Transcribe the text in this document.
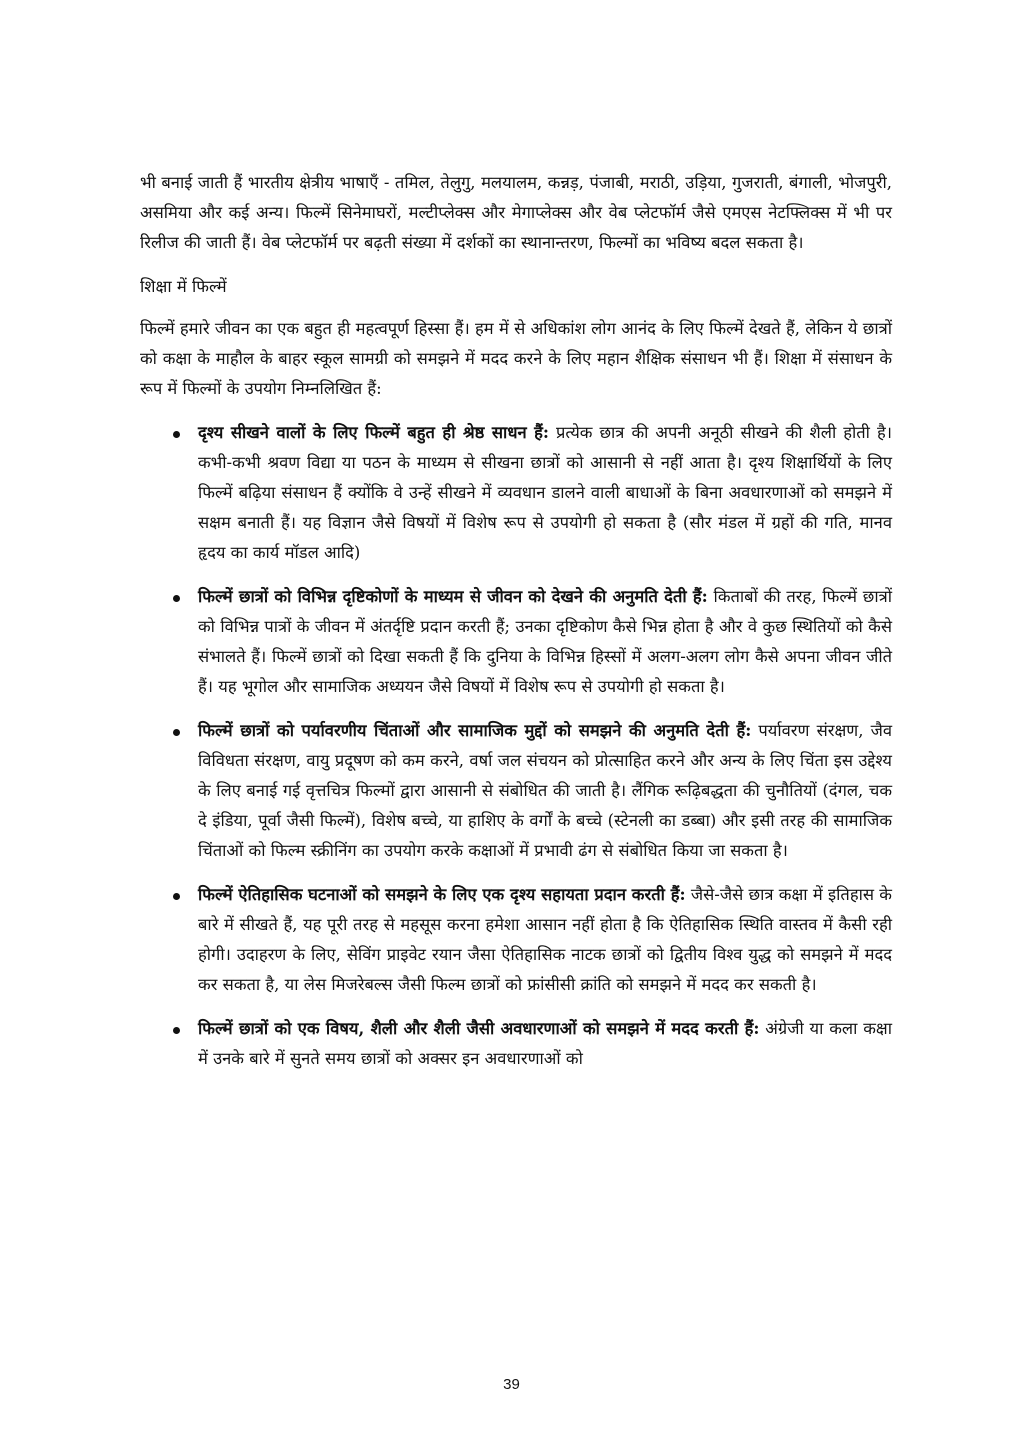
भी बनाई जाती हैं भारतीय क्षेत्रीय भाषाएँ - तमिल, तेलुगु, मलयालम, कन्नड़, पंजाबी, मराठी, उड़िया, गुजराती, बंगाली, भोजपुरी, असमिया और कई अन्य। फिल्में सिनेमाघरों, मल्टीप्लेक्स और मेगाप्लेक्स और वेब प्लेटफॉर्म जैसे एमएस नेटफ्लिक्स में भी पर रिलीज की जाती हैं। वेब प्लेटफॉर्म पर बढ़ती संख्या में दर्शकों का स्थानान्तरण, फिल्मों का भविष्य बदल सकता है।

शिक्षा में फिल्में

फिल्में हमारे जीवन का एक बहुत ही महत्वपूर्ण हिस्सा हैं। हम में से अधिकांश लोग आनंद के लिए फिल्में देखते हैं, लेकिन ये छात्रों को कक्षा के माहौल के बाहर स्कूल सामग्री को समझने में मदद करने के लिए महान शैक्षिक संसाधन भी हैं। शिक्षा में संसाधन के रूप में फिल्मों के उपयोग निम्नलिखित हैं:

दृश्य सीखने वालों के लिए फिल्में बहुत ही श्रेष्ठ साधन हैं: प्रत्येक छात्र की अपनी अनूठी सीखने की शैली होती है। कभी-कभी श्रवण विद्या या पठन के माध्यम से सीखना छात्रों को आसानी से नहीं आता है। दृश्य शिक्षार्थियों के लिए फिल्में बढ़िया संसाधन हैं क्योंकि वे उन्हें सीखने में व्यवधान डालने वाली बाधाओं के बिना अवधारणाओं को समझने में सक्षम बनाती हैं। यह विज्ञान जैसे विषयों में विशेष रूप से उपयोगी हो सकता है (सौर मंडल में ग्रहों की गति, मानव हृदय का कार्य मॉडल आदि)
फिल्में छात्रों को विभिन्न दृष्टिकोणों के माध्यम से जीवन को देखने की अनुमति देती हैं: किताबों की तरह, फिल्में छात्रों को विभिन्न पात्रों के जीवन में अंतर्दृष्टि प्रदान करती हैं; उनका दृष्टिकोण कैसे भिन्न होता है और वे कुछ स्थितियों को कैसे संभालते हैं। फिल्में छात्रों को दिखा सकती हैं कि दुनिया के विभिन्न हिस्सों में अलग-अलग लोग कैसे अपना जीवन जीते हैं। यह भूगोल और सामाजिक अध्ययन जैसे विषयों में विशेष रूप से उपयोगी हो सकता है।
फिल्में छात्रों को पर्यावरणीय चिंताओं और सामाजिक मुद्दों को समझने की अनुमति देती हैं: पर्यावरण संरक्षण, जैव विविधता संरक्षण, वायु प्रदूषण को कम करने, वर्षा जल संचयन को प्रोत्साहित करने और अन्य के लिए चिंता इस उद्देश्य के लिए बनाई गई वृत्तचित्र फिल्मों द्वारा आसानी से संबोधित की जाती है। लैंगिक रूढ़िबद्धता की चुनौतियों (दंगल, चक दे इंडिया, पूर्वा जैसी फिल्में), विशेष बच्चे, या हाशिए के वर्गों के बच्चे (स्टेनली का डब्बा) और इसी तरह की सामाजिक चिंताओं को फिल्म स्क्रीनिंग का उपयोग करके कक्षाओं में प्रभावी ढंग से संबोधित किया जा सकता है।
फिल्में ऐतिहासिक घटनाओं को समझने के लिए एक दृश्य सहायता प्रदान करती हैं: जैसे-जैसे छात्र कक्षा में इतिहास के बारे में सीखते हैं, यह पूरी तरह से महसूस करना हमेशा आसान नहीं होता है कि ऐतिहासिक स्थिति वास्तव में कैसी रही होगी। उदाहरण के लिए, सेविंग प्राइवेट रयान जैसा ऐतिहासिक नाटक छात्रों को द्वितीय विश्व युद्ध को समझने में मदद कर सकता है, या लेस मिजरेबल्स जैसी फिल्म छात्रों को फ्रांसीसी क्रांति को समझने में मदद कर सकती है।
फिल्में छात्रों को एक विषय, शैली और शैली जैसी अवधारणाओं को समझने में मदद करती हैं: अंग्रेजी या कला कक्षा में उनके बारे में सुनते समय छात्रों को अक्सर इन अवधारणाओं को
39
